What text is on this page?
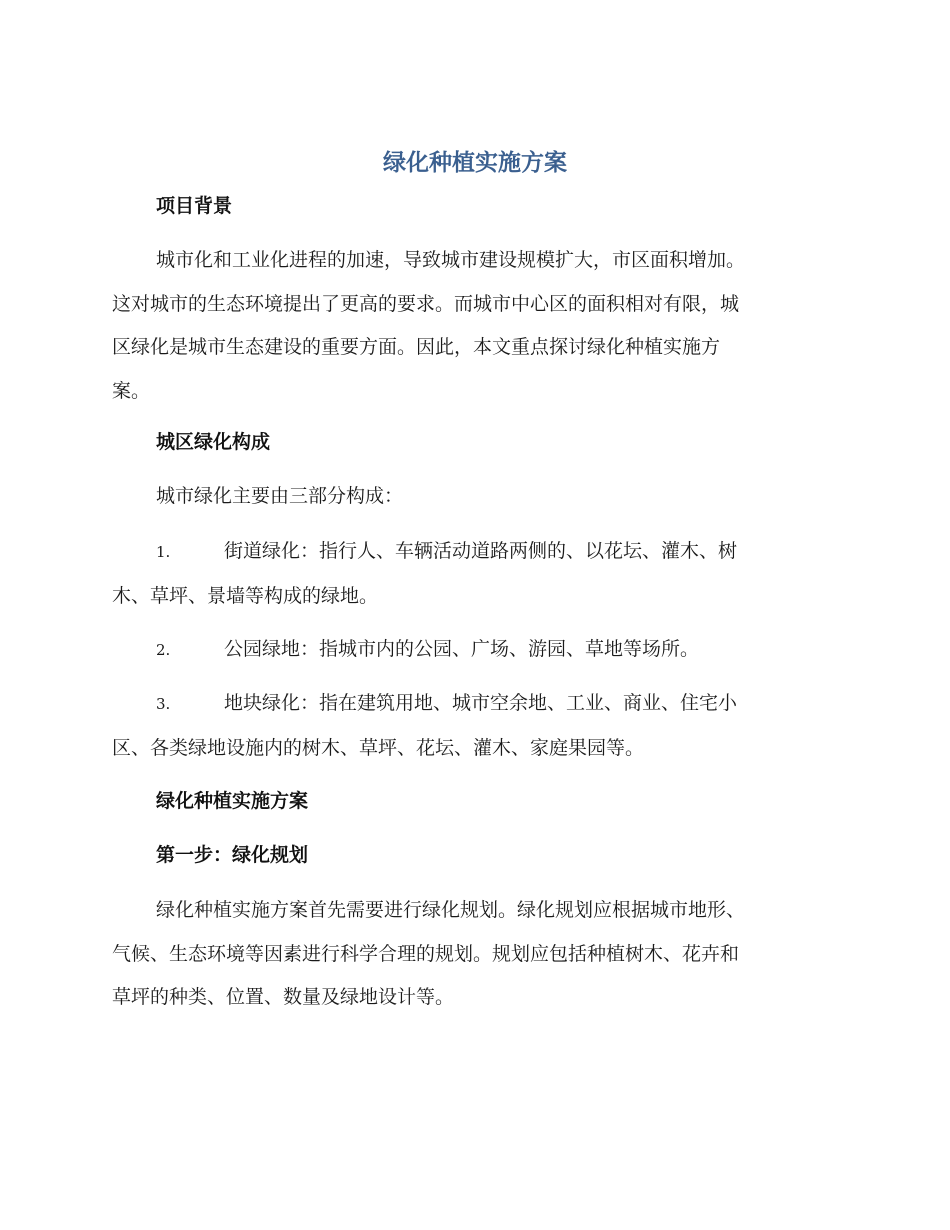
绿化种植实施方案
项目背景
城市化和工业化进程的加速，导致城市建设规模扩大，市区面积增加。
这对城市的生态环境提出了更高的要求。而城市中心区的面积相对有限，城
区绿化是城市生态建设的重要方面。因此，本文重点探讨绿化种植实施方
案。
城区绿化构成
城市绿化主要由三部分构成：
1.	街道绿化：指行人、车辆活动道路两侧的、以花坛、灌木、树
木、草坪、景墙等构成的绿地。
2.	公园绿地：指城市内的公园、广场、游园、草地等场所。
3.	地块绿化：指在建筑用地、城市空余地、工业、商业、住宅小
区、各类绿地设施内的树木、草坪、花坛、灌木、家庭果园等。
绿化种植实施方案
第一步：绿化规划
绿化种植实施方案首先需要进行绿化规划。绿化规划应根据城市地形、
气候、生态环境等因素进行科学合理的规划。规划应包括种植树木、花卉和
草坪的种类、位置、数量及绿地设计等。
